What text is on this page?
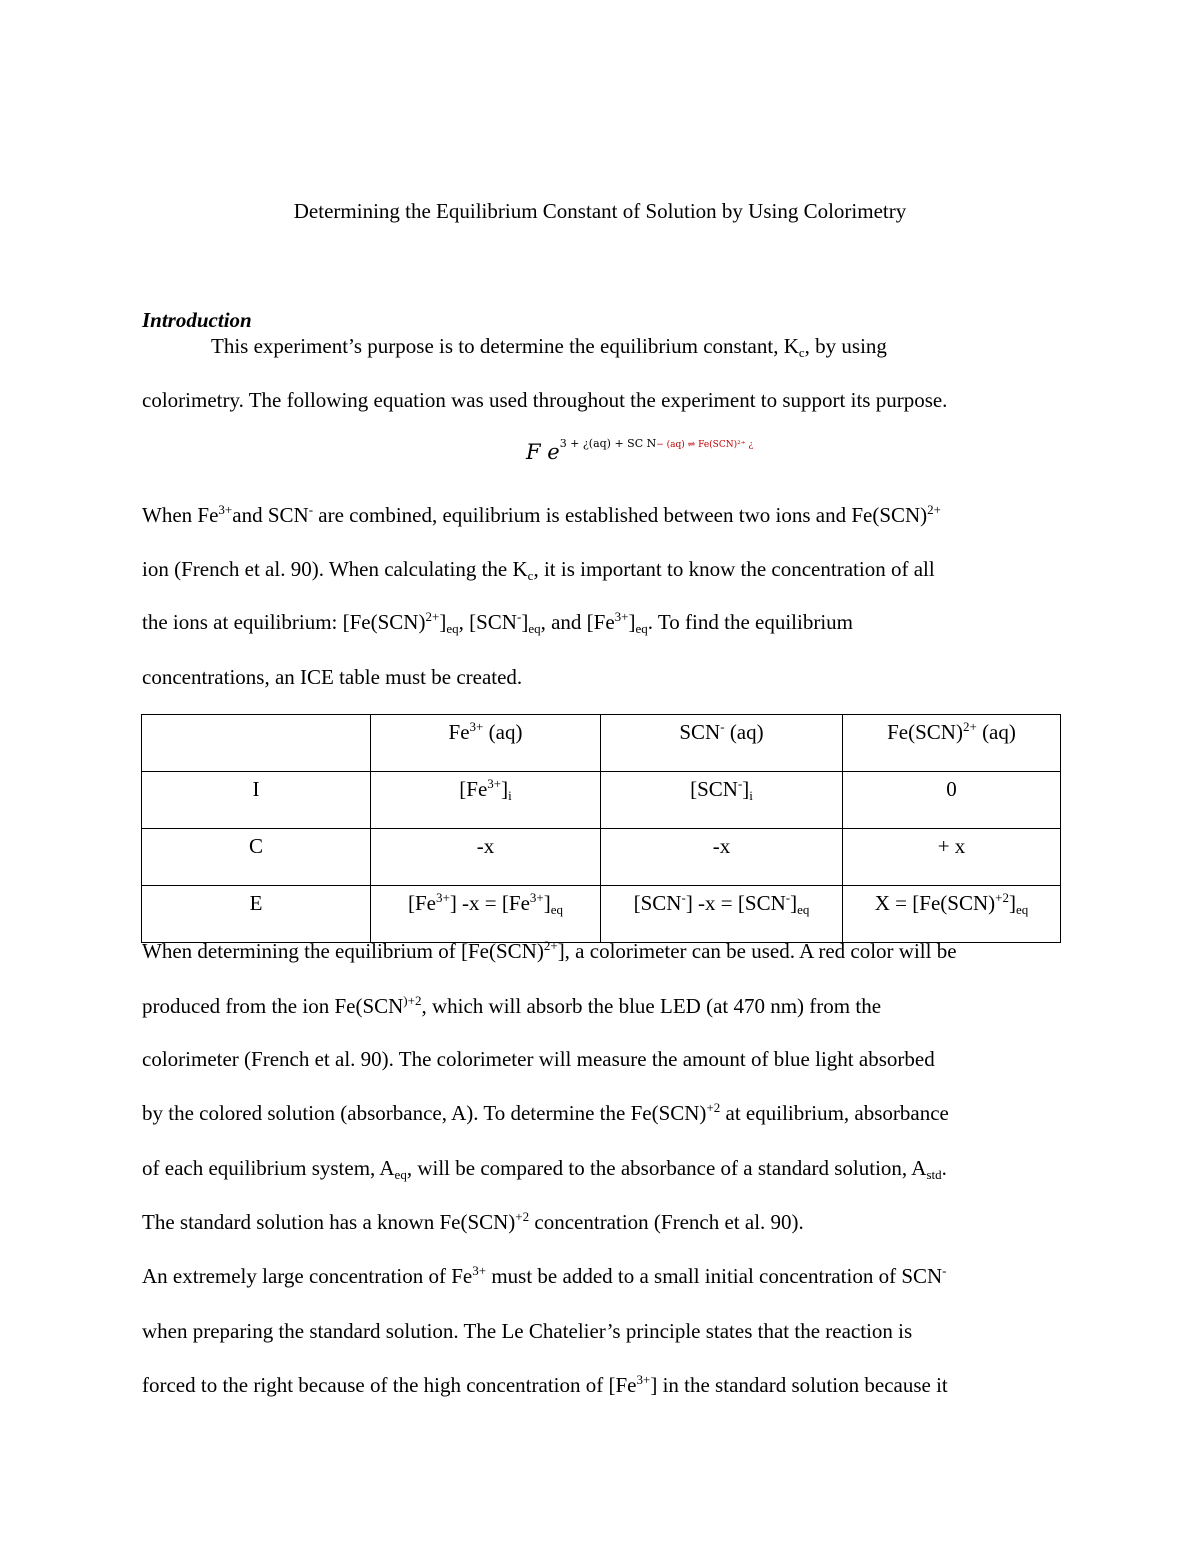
Determining the Equilibrium Constant of Solution by Using Colorimetry
Introduction
This experiment’s purpose is to determine the equilibrium constant, $K_c$, by using
colorimetry. The following equation was used throughout the experiment to support its purpose.
F $e^{3 + ¿(aq) + SC N- (aq) \rightleftharpoons Fe(SCN)^{2+} ¿}$
When $Fe^{3+}and$ SCN- are combined, equilibrium is established between two ions and Fe(SCN)$^{2+}$
ion (French et al. 90). When calculating the $K_c$, it is important to know the concentration of all
the ions at equilibrium: $[Fe(SCN)^{2+}]_{eq}$, $[SCN^-]_{eq}$, and $[Fe^{3+}]_{eq}$. To find the equilibrium
concentrations, an ICE table must be created.
	$Fe^{3+}$ (aq)	SCN- (aq)	Fe(SCN)$^{2+}$ (aq)
I	$[Fe^{3+}]_i$	$[SCN^-]_i$	0
C	-x	-x	+ x
E	$[Fe^{3+}] -x = [Fe^{3+}]_{eq}$	[SCN-] $-x = [SCN^-]_{eq}$	$X = [Fe(SCN)^{+2}]_{eq}$
When determining the equilibrium of [Fe(SCN)$^{2+}$], a colorimeter can be used. A red color will be
produced from the ion $Fe(SCN^{)+2}$, which will absorb the blue LED (at 470 nm) from the
colorimeter (French et al. 90). The colorimeter will measure the amount of blue light absorbed
by the colored solution (absorbance, A). To determine the Fe(SCN)$^{+2}$ at equilibrium, absorbance
of each equilibrium system, $A_{eq}$, will be compared to the absorbance of a standard solution, $A_{std}$.
The standard solution has a known Fe(SCN)$^{+2}$ concentration (French et al. 90).
An extremely large concentration of $Fe^{3+}$ must be added to a small initial concentration of SCN-
when preparing the standard solution. The Le Chatelier’s principle states that the reaction is
forced to the right because of the high concentration of $[Fe^{3+}]$ in the standard solution because it
